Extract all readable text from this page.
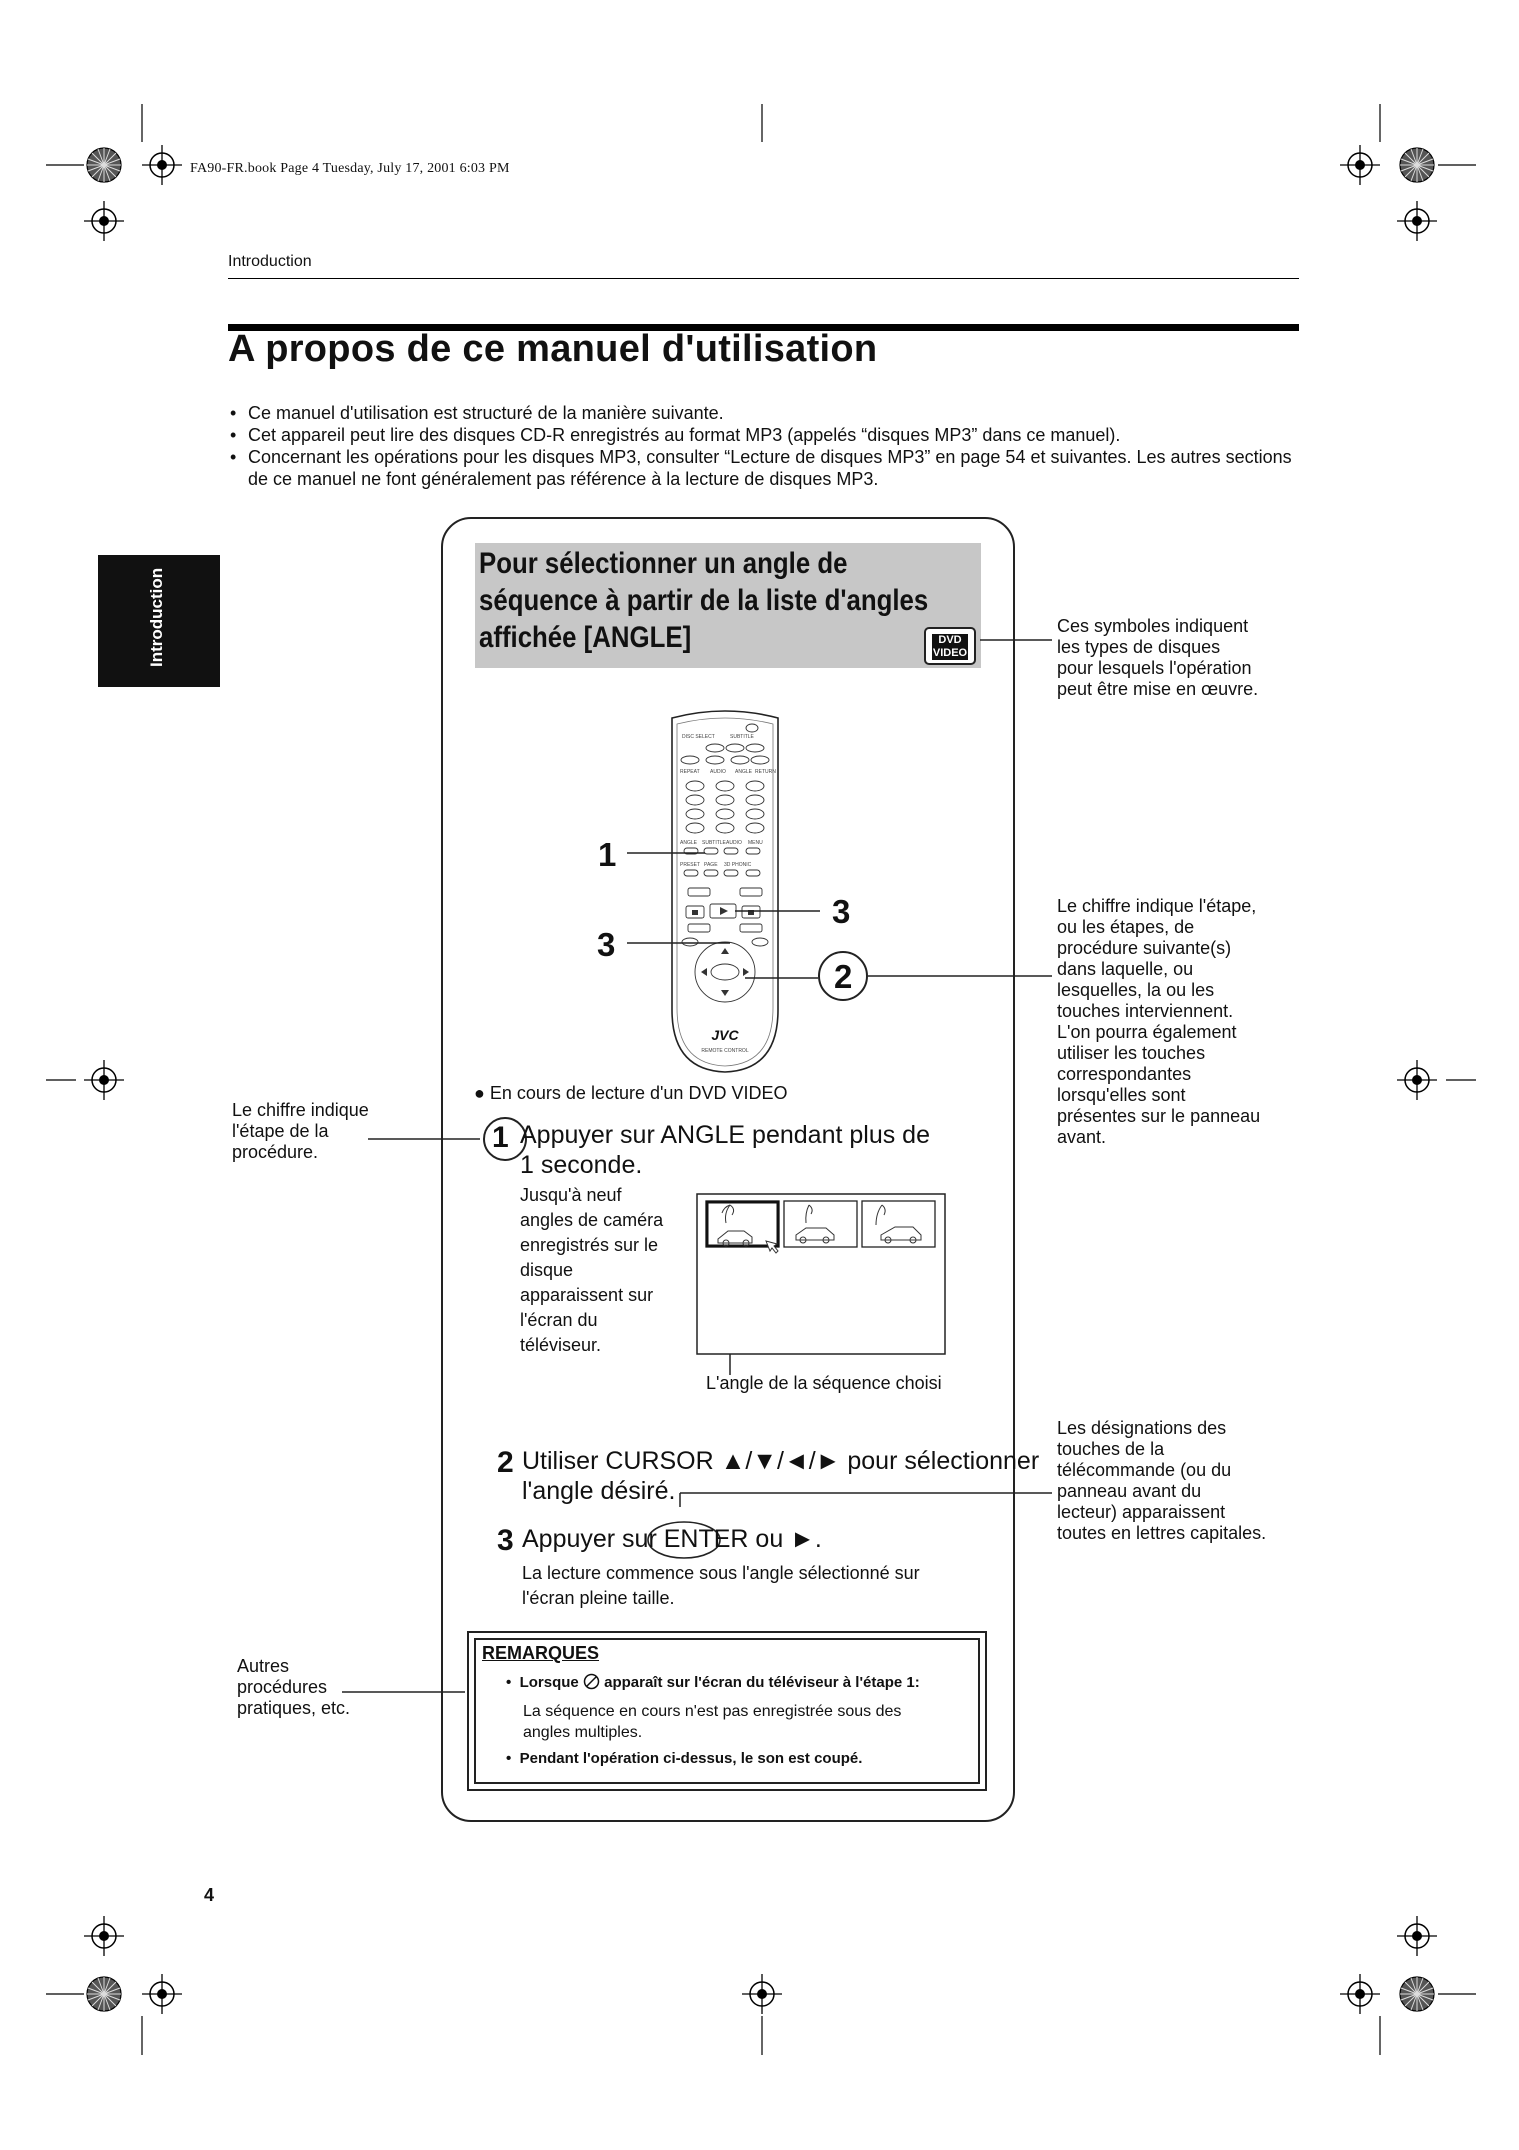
FA90-FR.book Page 4 Tuesday, July 17, 2001 6:03 PM
Introduction
A propos de ce manuel d'utilisation
• Ce manuel d'utilisation est structuré de la manière suivante.
• Cet appareil peut lire des disques CD-R enregistrés au format MP3 (appelés “disques MP3” dans ce manuel).
• Concernant les opérations pour les disques MP3, consulter “Lecture de disques MP3” en page 54 et suivantes. Les autres sections de ce manuel ne font généralement pas référence à la lecture de disques MP3.
Introduction
Pour sélectionner un angle de séquence à partir de la liste d'angles affichée [ANGLE]	DVD
VIDEO
DISC SELECT	SUBTITLE
REPEAT AUDIO ANGLE RETURN
ANGLE SUBTITLE AUDIO MENU
PRESET PAGE 3D PHONIC
JVC
REMOTE CONTROL
1
3
3
2
Ces symboles indiquent
les types de disques
pour lesquels l'opération
peut être mise en œuvre.
Le chiffre indique l'étape,
ou les étapes, de
procédure suivante(s)
dans laquelle, ou
lesquelles, la ou les
touches interviennent.
L'on pourra également
utiliser les touches
correspondantes
lorsqu'elles sont
présentes sur le panneau
avant.
Le chiffre indique
l'étape de la
procédure.
Les désignations des
touches de la
télécommande (ou du
panneau avant du
lecteur) apparaissent
toutes en lettres capitales.
Autres
procédures
pratiques, etc.
● En cours de lecture d'un DVD VIDEO
1 Appuyer sur ANGLE pendant plus de
1 seconde.
Jusqu'à neuf
angles de caméra
enregistrés sur le
disque
apparaissent sur
l'écran du
téléviseur.
L'angle de la séquence choisi
2 Utiliser CURSOR ▲/▼/◄/► pour sélectionner
l'angle désiré.
3 Appuyer sur ENTER ou ►.
La lecture commence sous l'angle sélectionné sur
l'écran pleine taille.
REMARQUES
•  Lorsque  apparaît sur l'écran du téléviseur à l'étape 1:
La séquence en cours n'est pas enregistrée sous des
angles multiples.
•  Pendant l'opération ci-dessus, le son est coupé.
4
